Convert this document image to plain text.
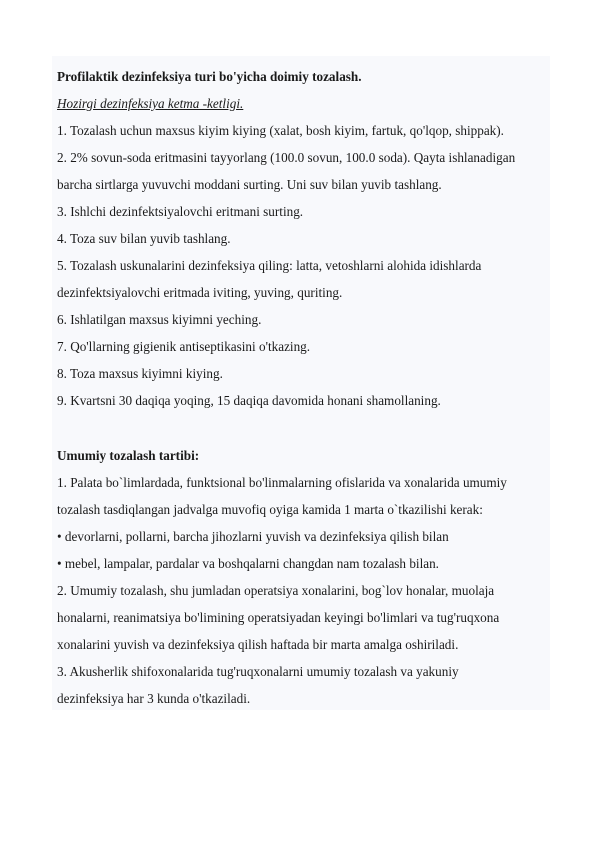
Profilaktik dezinfeksiya turi bo'yicha doimiy tozalash.

Hozirgi dezinfeksiya ketma -ketligi.

1. Tozalash uchun maxsus kiyim kiying (xalat, bosh kiyim, fartuk, qo'lqop, shippak).

2. 2% sovun-soda eritmasini tayyorlang (100.0 sovun, 100.0 soda). Qayta ishlanadigan

barcha sirtlarga yuvuvchi moddani surting. Uni suv bilan yuvib tashlang.

3. Ishlchi dezinfektsiyalovchi eritmani surting.

4. Toza suv bilan yuvib tashlang.

5. Tozalash uskunalarini dezinfeksiya qiling: latta, vetoshlarni alohida idishlarda

dezinfektsiyalovchi eritmada iviting, yuving, quriting.

6. Ishlatilgan maxsus kiyimni yeching.

7. Qo'llarning gigienik antiseptikasini o'tkazing.

8. Toza maxsus kiyimni kiying.

9. Kvartsni 30 daqiqa yoqing, 15 daqiqa davomida honani shamollaning.

Umumiy tozalash tartibi:

1. Palata bo`limlardada, funktsional bo'linmalarning ofislarida va xonalarida umumiy

tozalash tasdiqlangan jadvalga muvofiq oyiga kamida 1 marta o`tkazilishi kerak:

• devorlarni, pollarni, barcha jihozlarni yuvish va dezinfeksiya qilish bilan

• mebel, lampalar, pardalar va boshqalarni changdan nam tozalash bilan.

2. Umumiy tozalash, shu jumladan operatsiya xonalarini, bog`lov honalar, muolaja

honalarni, reanimatsiya bo'limining operatsiyadan keyingi bo'limlari va tug'ruqxona

xonalarini yuvish va dezinfeksiya qilish haftada bir marta amalga oshiriladi.

3. Akusherlik shifoxonalarida tug'ruqxonalarni umumiy tozalash va yakuniy

dezinfeksiya har 3 kunda o'tkaziladi.
